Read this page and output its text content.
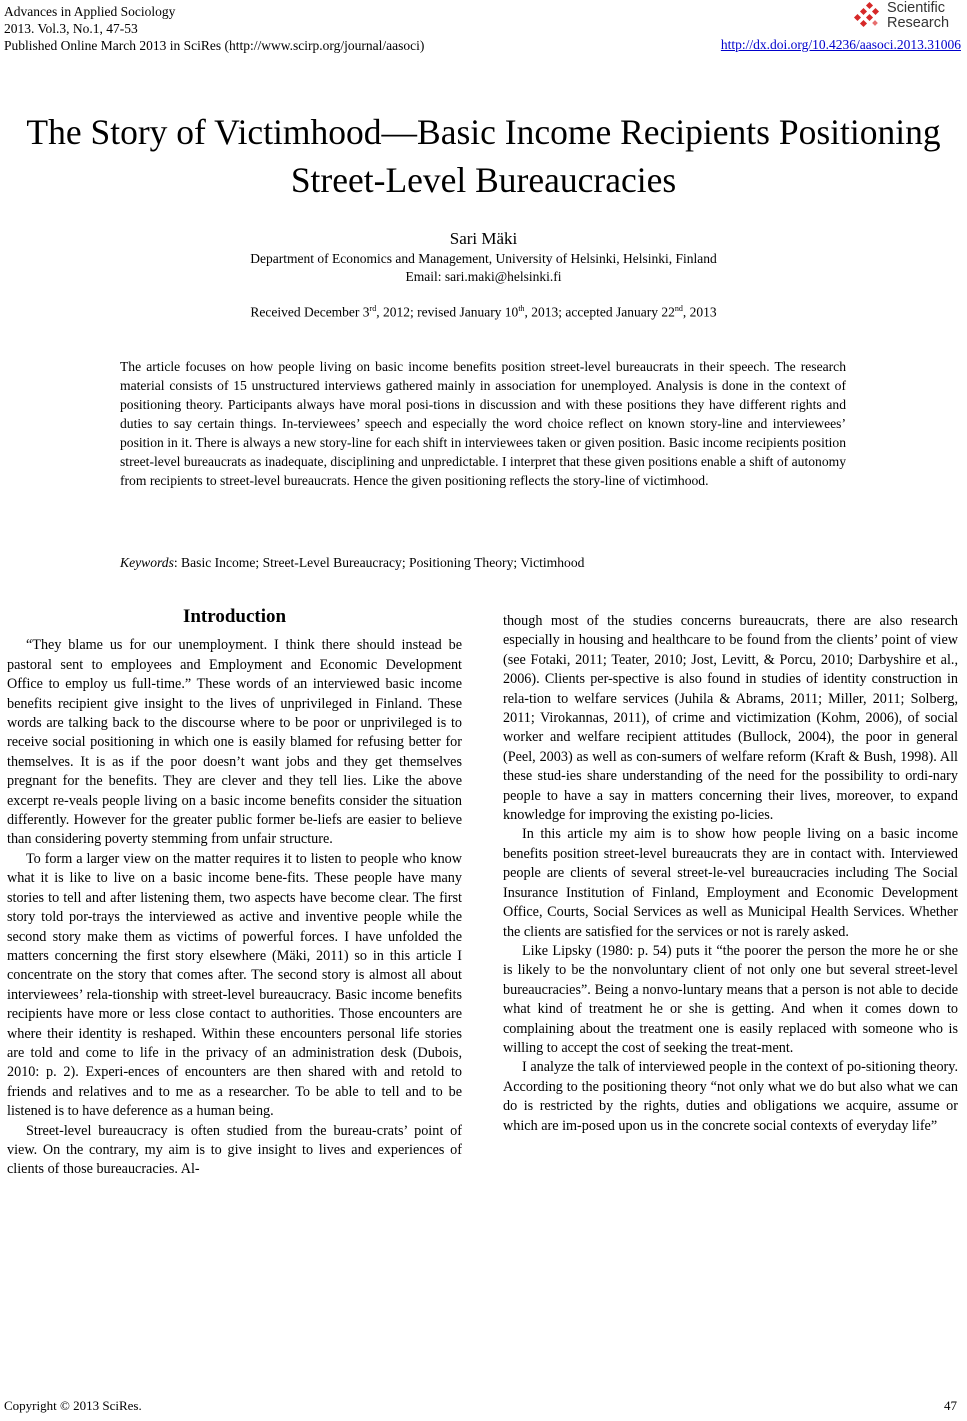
Advances in Applied Sociology
2013. Vol.3, No.1, 47-53
Published Online March 2013 in SciRes (http://www.scirp.org/journal/aasoci)
Scientific
Research
http://dx.doi.org/10.4236/aasoci.2013.31006
The Story of Victimhood—Basic Income Recipients Positioning
Street-Level Bureaucracies
Sari Mäki
Department of Economics and Management, University of Helsinki, Helsinki, Finland
Email: sari.maki@helsinki.fi
Received December 3rd, 2012; revised January 10th, 2013; accepted January 22nd, 2013
The article focuses on how people living on basic income benefits position street-level bureaucrats in their speech. The research material consists of 15 unstructured interviews gathered mainly in association for unemployed. Analysis is done in the context of positioning theory. Participants always have moral posi-tions in discussion and with these positions they have different rights and duties to say certain things. In-terviewees’ speech and especially the word choice reflect on known story-line and interviewees’ position in it. There is always a new story-line for each shift in interviewees taken or given position. Basic income recipients position street-level bureaucrats as inadequate, disciplining and unpredictable. I interpret that these given positions enable a shift of autonomy from recipients to street-level bureaucrats. Hence the given positioning reflects the story-line of victimhood.
Keywords: Basic Income; Street-Level Bureaucracy; Positioning Theory; Victimhood
Introduction

“They blame us for our unemployment. I think there should instead be pastoral sent to employees and Employment and Economic Development Office to employ us full-time.” These words of an interviewed basic income benefits recipient give insight to the lives of unprivileged in Finland. These words are talking back to the discourse where to be poor or unprivileged is to receive social positioning in which one is easily blamed for refusing better for themselves. It is as if the poor doesn’t want jobs and they get themselves pregnant for the benefits. They are clever and they tell lies. Like the above excerpt re-veals people living on a basic income benefits consider the situation differently. However for the greater public former be-liefs are easier to believe than considering poverty stemming from unfair structure.

To form a larger view on the matter requires it to listen to people who know what it is like to live on a basic income bene-fits. These people have many stories to tell and after listening them, two aspects have become clear. The first story told por-trays the interviewed as active and inventive people while the second story make them as victims of powerful forces. I have unfolded the matters concerning the first story elsewhere (Mäki, 2011) so in this article I concentrate on the story that comes after. The second story is almost all about interviewees’ rela-tionship with street-level bureaucracy. Basic income benefits recipients have more or less close contact to authorities. Those encounters are where their identity is reshaped. Within these encounters personal life stories are told and come to life in the privacy of an administration desk (Dubois, 2010: p. 2). Experi-ences of encounters are then shared with and retold to friends and relatives and to me as a researcher. To be able to tell and to be listened is to have deference as a human being.

Street-level bureaucracy is often studied from the bureau-crats’ point of view. On the contrary, my aim is to give insight to lives and experiences of clients of those bureaucracies. Al-

though most of the studies concerns bureaucrats, there are also research especially in housing and healthcare to be found from the clients’ point of view (see Fotaki, 2011; Teater, 2010; Jost, Levitt, & Porcu, 2010; Darbyshire et al., 2006). Clients per-spective is also found in studies of identity construction in rela-tion to welfare services (Juhila & Abrams, 2011; Miller, 2011; Solberg, 2011; Virokannas, 2011), of crime and victimization (Kohm, 2006), of social worker and welfare recipient attitudes (Bullock, 2004), the poor in general (Peel, 2003) as well as con-sumers of welfare reform (Kraft & Bush, 1998). All these stud-ies share understanding of the need for the possibility to ordi-nary people to have a say in matters concerning their lives, moreover, to expand knowledge for improving the existing po-licies.

In this article my aim is to show how people living on a basic income benefits position street-level bureaucrats they are in contact with. Interviewed people are clients of several street-le-vel bureaucracies including The Social Insurance Institution of Finland, Employment and Economic Development Office, Courts, Social Services as well as Municipal Health Services. Whether the clients are satisfied for the services or not is rarely asked.

Like Lipsky (1980: p. 54) puts it “the poorer the person the more he or she is likely to be the nonvoluntary client of not only one but several street-level bureaucracies”. Being a nonvo-luntary means that a person is not able to decide what kind of treatment he or she is getting. And when it comes down to complaining about the treatment one is easily replaced with someone who is willing to accept the cost of seeking the treat-ment.

I analyze the talk of interviewed people in the context of po-sitioning theory. According to the positioning theory “not only what we do but also what we can do is restricted by the rights, duties and obligations we acquire, assume or which are im-posed upon us in the concrete social contexts of everyday life”

Copyright © 2013 SciRes.	47
